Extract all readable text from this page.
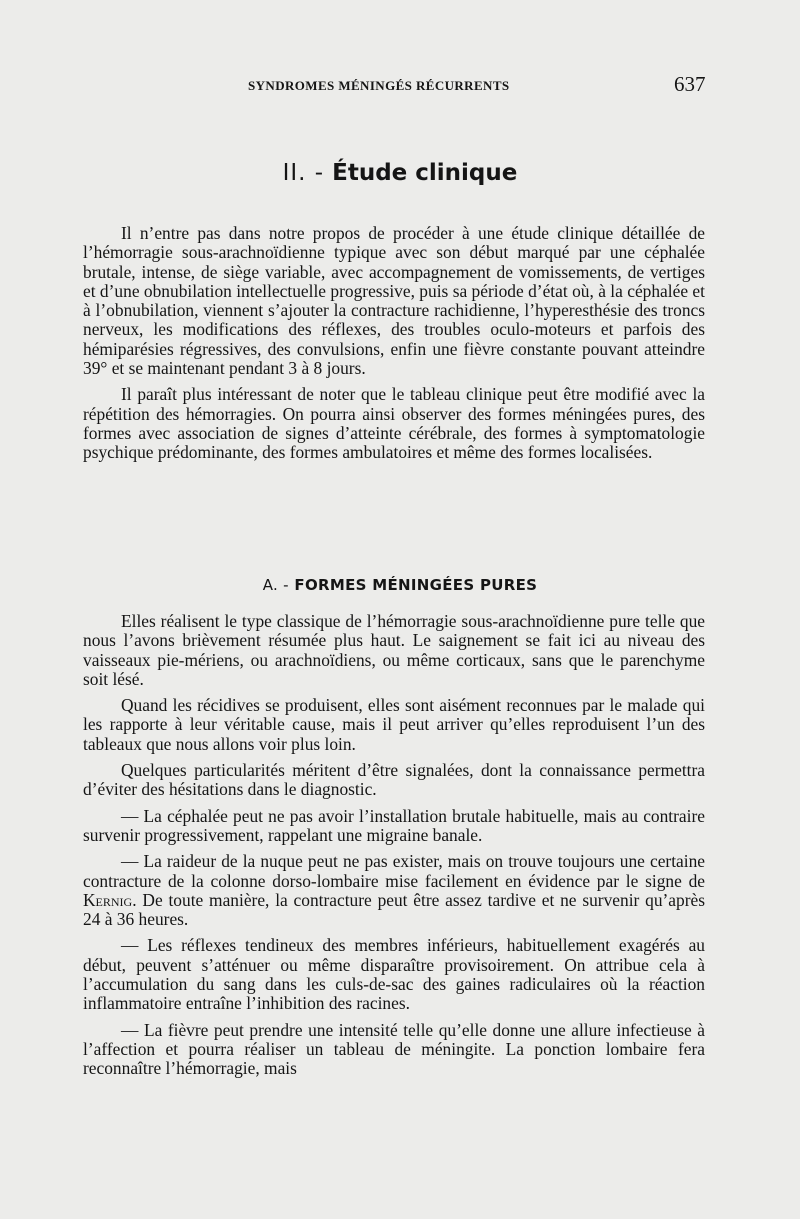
SYNDROMES MÉNINGÉS RÉCURRENTS	637
II. - Étude clinique

Il n’entre pas dans notre propos de procéder à une étude clinique détaillée de l’hémorragie sous-arachnoïdienne typique avec son début marqué par une céphalée brutale, intense, de siège variable, avec accompagnement de vomissements, de vertiges et d’une obnubilation intellectuelle progressive, puis sa période d’état où, à la céphalée et à l’obnubilation, viennent s’ajouter la contracture rachidienne, l’hyperesthésie des troncs nerveux, les modifications des réflexes, des troubles oculo-moteurs et parfois des hémiparésies régressives, des convulsions, enfin une fièvre constante pouvant atteindre 39° et se maintenant pendant 3 à 8 jours.

Il paraît plus intéressant de noter que le tableau clinique peut être modifié avec la répétition des hémorragies. On pourra ainsi observer des formes méningées pures, des formes avec association de signes d’atteinte cérébrale, des formes à symptomatologie psychique prédominante, des formes ambulatoires et même des formes localisées.

A. - FORMES MÉNINGÉES PURES

Elles réalisent le type classique de l’hémorragie sous-arachnoïdienne pure telle que nous l’avons brièvement résumée plus haut. Le saignement se fait ici au niveau des vaisseaux pie-mériens, ou arachnoïdiens, ou même corticaux, sans que le parenchyme soit lésé.

Quand les récidives se produisent, elles sont aisément reconnues par le malade qui les rapporte à leur véritable cause, mais il peut arriver qu’elles reproduisent l’un des tableaux que nous allons voir plus loin.

Quelques particularités méritent d’être signalées, dont la connaissance permettra d’éviter des hésitations dans le diagnostic.

— La céphalée peut ne pas avoir l’installation brutale habituelle, mais au contraire survenir progressivement, rappelant une migraine banale.

— La raideur de la nuque peut ne pas exister, mais on trouve toujours une certaine contracture de la colonne dorso-lombaire mise facilement en évidence par le signe de Kernig. De toute manière, la contracture peut être assez tardive et ne survenir qu’après 24 à 36 heures.

— Les réflexes tendineux des membres inférieurs, habituellement exagérés au début, peuvent s’atténuer ou même disparaître provisoirement. On attribue cela à l’accumulation du sang dans les culs-de-sac des gaines radiculaires où la réaction inflammatoire entraîne l’inhibition des racines.

— La fièvre peut prendre une intensité telle qu’elle donne une allure infectieuse à l’affection et pourra réaliser un tableau de méningite. La ponction lombaire fera reconnaître l’hémorragie, mais
